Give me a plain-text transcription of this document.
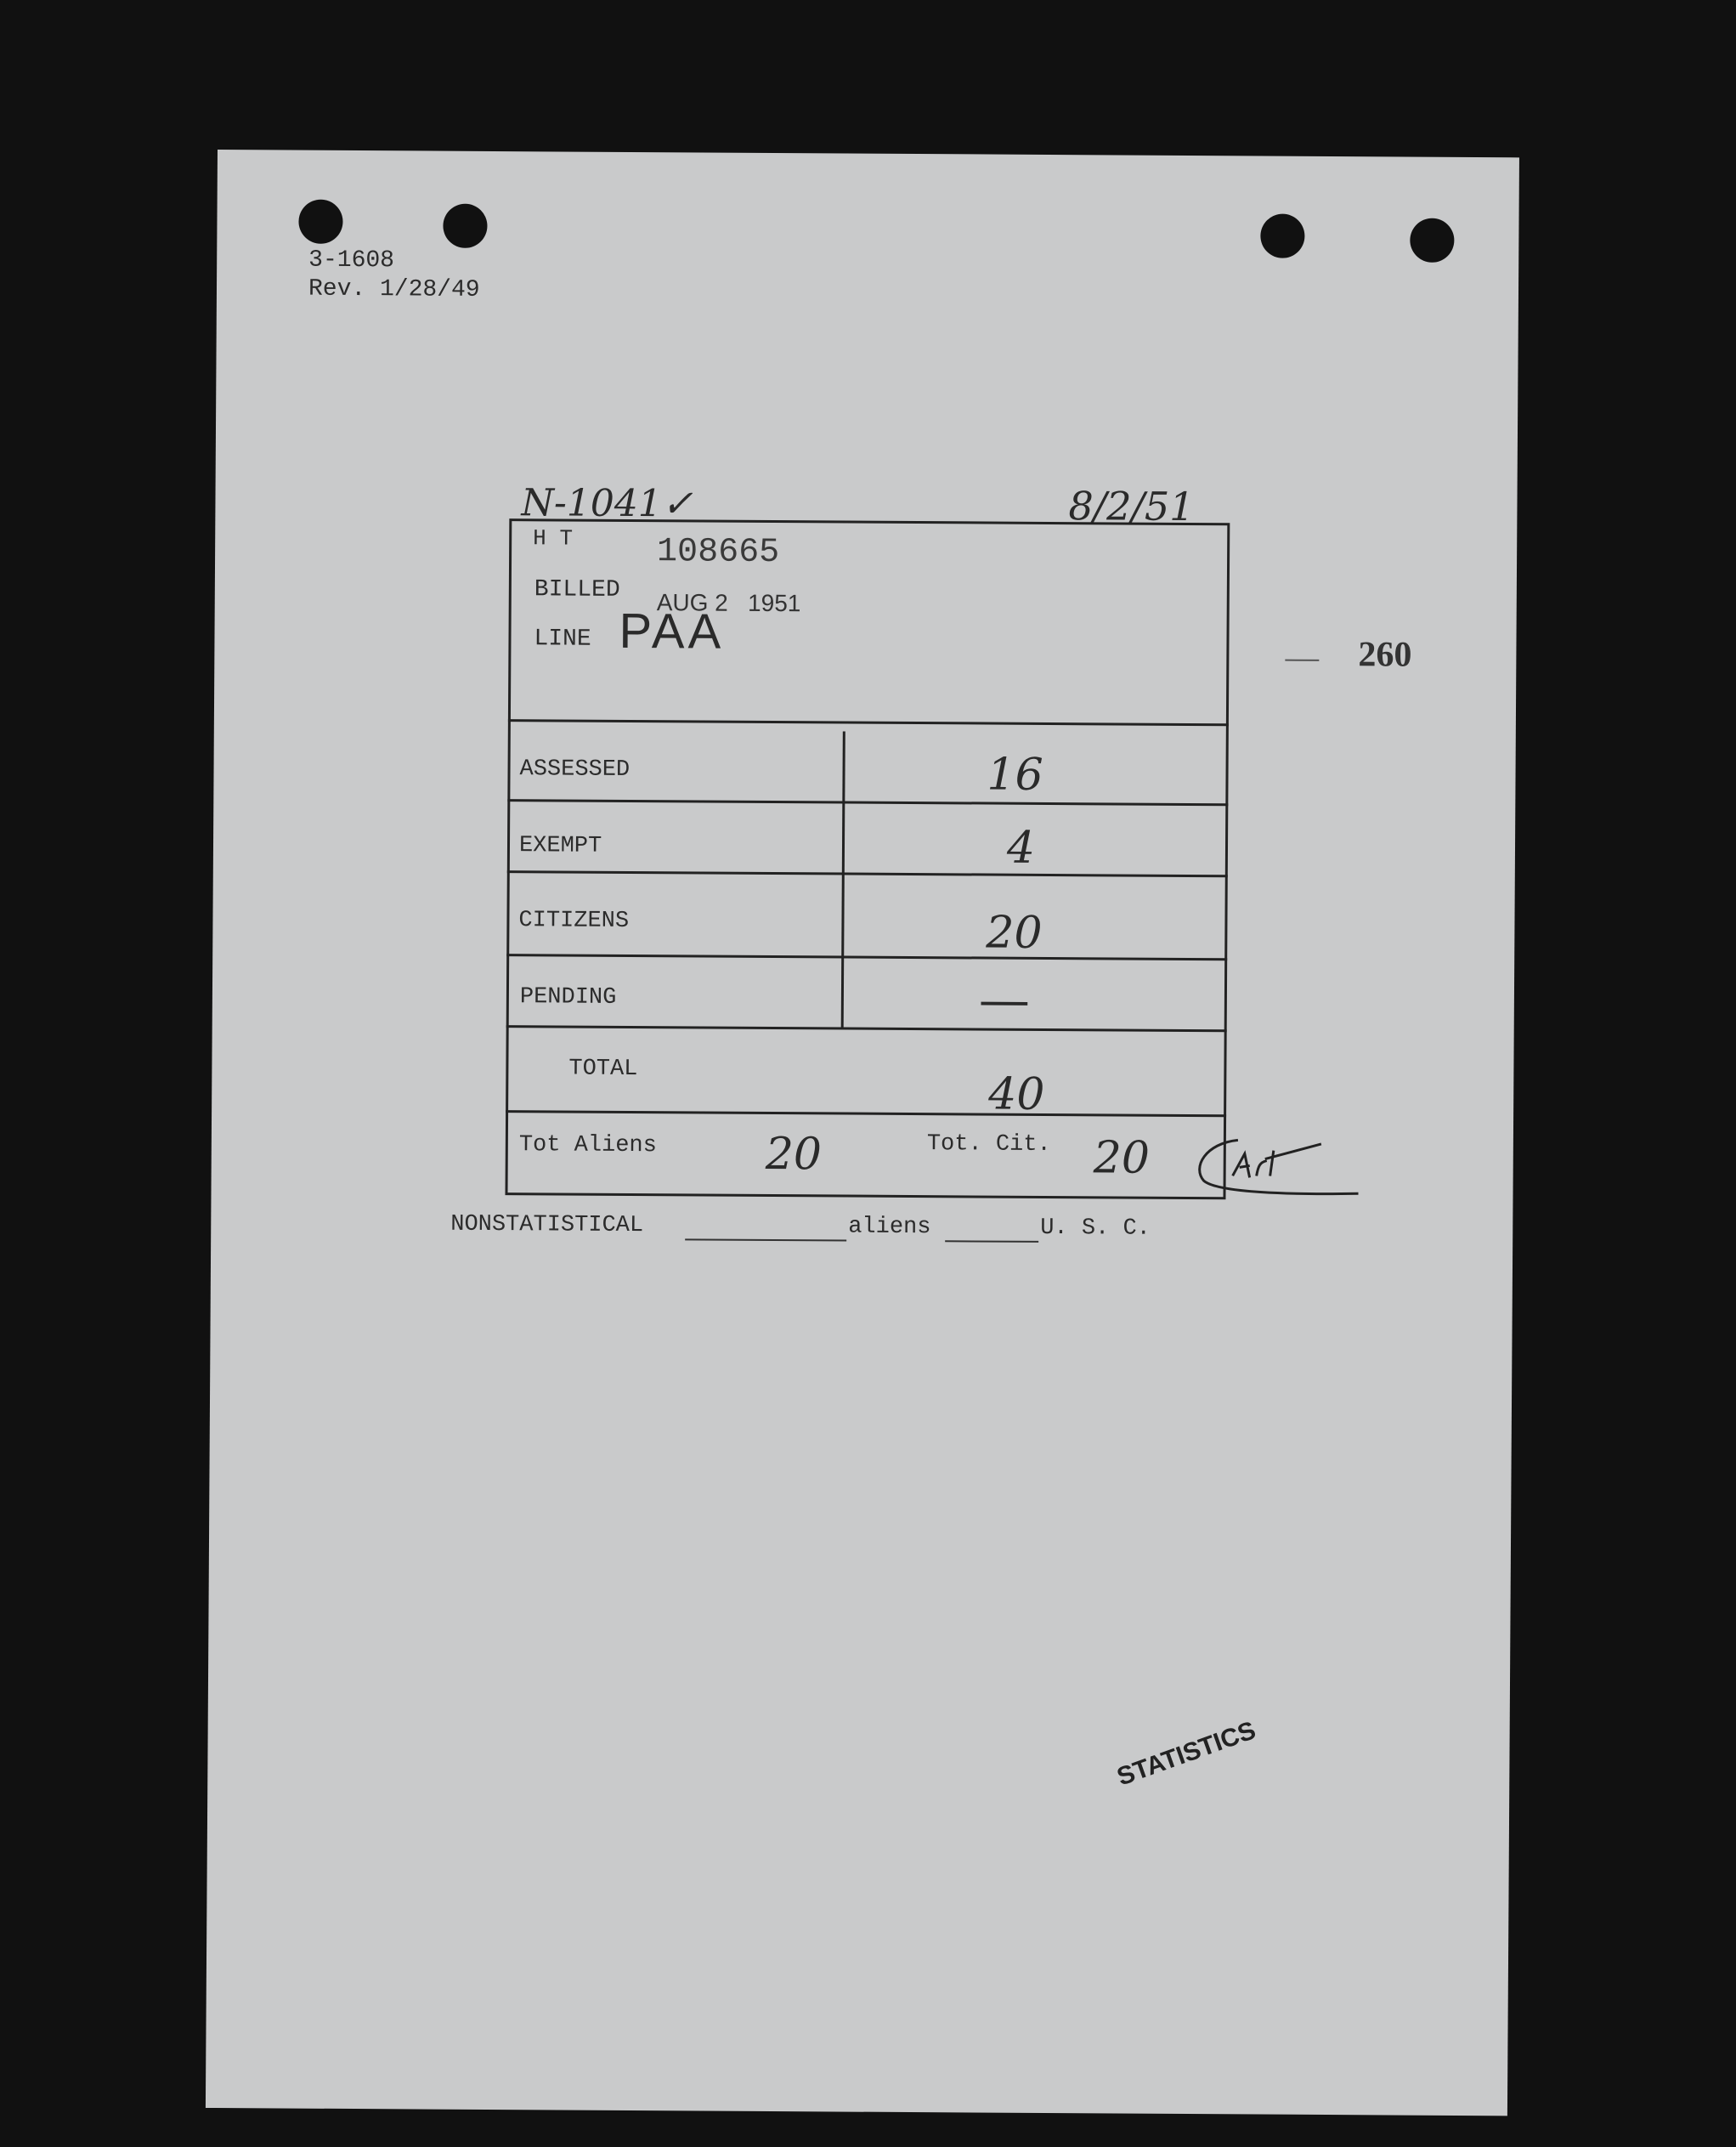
3-1608
Rev. 1/28/49
N-1041✓	8/2/51
260
H T 108665
BILLED AUG 2   1951
LINE PAA
ASSESSED	16
EXEMPT	4
CITIZENS	20
PENDING	—
TOTAL	40
Tot Aliens 20	Tot. Cit. 20
NONSTATISTICAL	aliens	U. S. C.
STATISTICS
